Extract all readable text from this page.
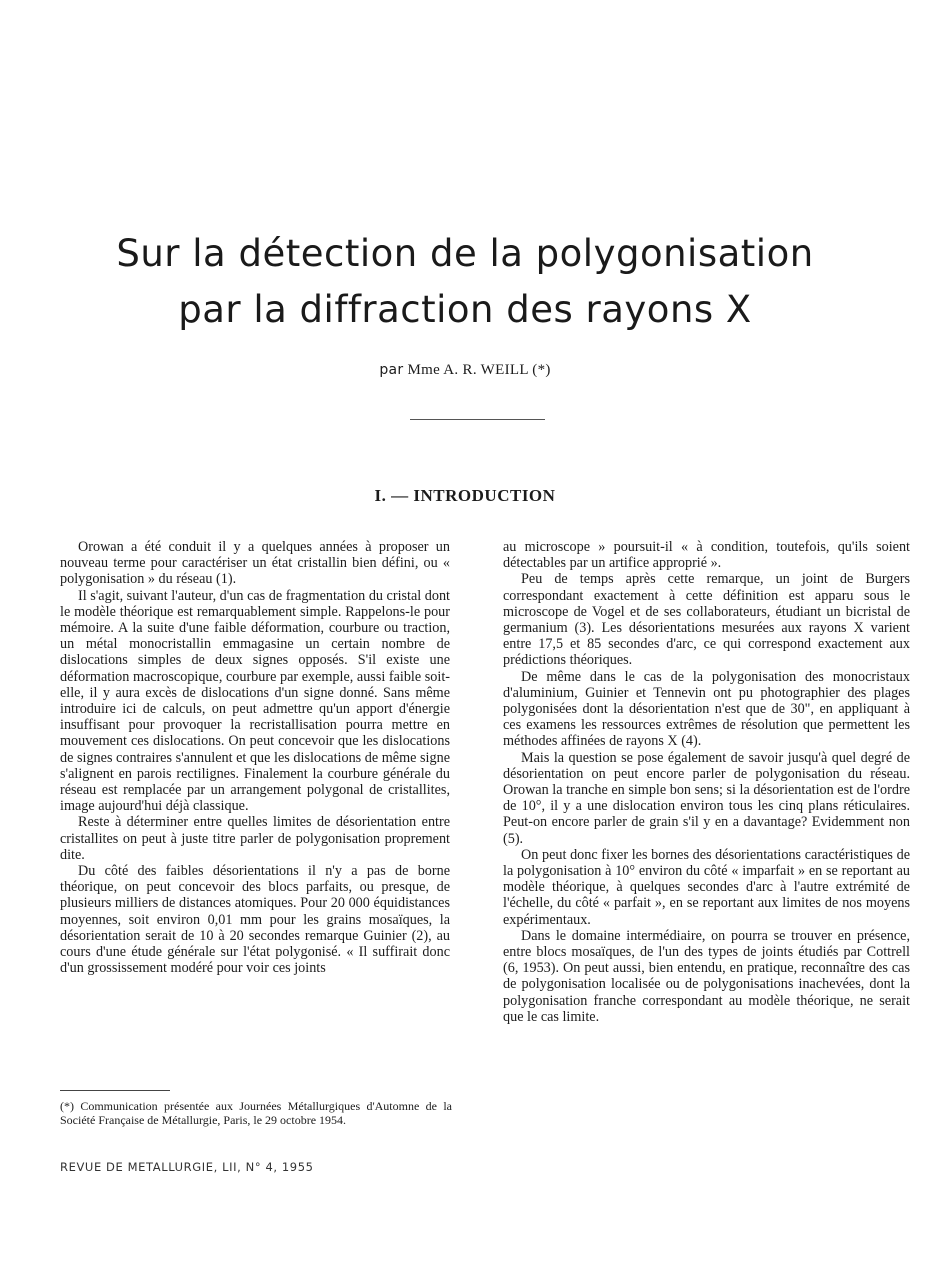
Sur la détection de la polygonisation
par la diffraction des rayons X
par Mme A. R. WEILL (*)
I. — INTRODUCTION

Orowan a été conduit il y a quelques années à proposer un nouveau terme pour caractériser un état cristallin bien défini, ou « polygonisation » du réseau (1).

Il s'agit, suivant l'auteur, d'un cas de fragmentation du cristal dont le modèle théorique est remarquablement simple. Rappelons-le pour mémoire. A la suite d'une faible déformation, courbure ou traction, un métal monocristallin emmagasine un certain nombre de dislocations simples de deux signes opposés. S'il existe une déformation macroscopique, courbure par exemple, aussi faible soit-elle, il y aura excès de dislocations d'un signe donné. Sans même introduire ici de calculs, on peut admettre qu'un apport d'énergie insuffisant pour provoquer la recristallisation pourra mettre en mouvement ces dislocations. On peut concevoir que les dislocations de signes contraires s'annulent et que les dislocations de même signe s'alignent en parois rectilignes. Finalement la courbure générale du réseau est remplacée par un arrangement polygonal de cristallites, image aujourd'hui déjà classique.

Reste à déterminer entre quelles limites de désorientation entre cristallites on peut à juste titre parler de polygonisation proprement dite.

Du côté des faibles désorientations il n'y a pas de borne théorique, on peut concevoir des blocs parfaits, ou presque, de plusieurs milliers de distances atomiques. Pour 20 000 équidistances moyennes, soit environ 0,01 mm pour les grains mosaïques, la désorientation serait de 10 à 20 secondes remarque Guinier (2), au cours d'une étude générale sur l'état polygonisé. « Il suffirait donc d'un grossissement modéré pour voir ces joints

au microscope » poursuit-il « à condition, toutefois, qu'ils soient détectables par un artifice approprié ».

Peu de temps après cette remarque, un joint de Burgers correspondant exactement à cette définition est apparu sous le microscope de Vogel et de ses collaborateurs, étudiant un bicristal de germanium (3). Les désorientations mesurées aux rayons X varient entre 17,5 et 85 secondes d'arc, ce qui correspond exactement aux prédictions théoriques.

De même dans le cas de la polygonisation des monocristaux d'aluminium, Guinier et Tennevin ont pu photographier des plages polygonisées dont la désorientation n'est que de 30", en appliquant à ces examens les ressources extrêmes de résolution que permettent les méthodes affinées de rayons X (4).

Mais la question se pose également de savoir jusqu'à quel degré de désorientation on peut encore parler de polygonisation du réseau. Orowan la tranche en simple bon sens; si la désorientation est de l'ordre de 10°, il y a une dislocation environ tous les cinq plans réticulaires. Peut-on encore parler de grain s'il y en a davantage? Evidemment non (5).

On peut donc fixer les bornes des désorientations caractéristiques de la polygonisation à 10° environ du côté « imparfait » en se reportant au modèle théorique, à quelques secondes d'arc à l'autre extrémité de l'échelle, du côté « parfait », en se reportant aux limites de nos moyens expérimentaux.

Dans le domaine intermédiaire, on pourra se trouver en présence, entre blocs mosaïques, de l'un des types de joints étudiés par Cottrell (6, 1953). On peut aussi, bien entendu, en pratique, reconnaître des cas de polygonisation localisée ou de polygonisations inachevées, dont la polygonisation franche correspondant au modèle théorique, ne serait que le cas limite.

(*) Communication présentée aux Journées Métallurgiques d'Automne de la Société Française de Métallurgie, Paris, le 29 octobre 1954.

REVUE DE METALLURGIE, LII, N° 4, 1955
